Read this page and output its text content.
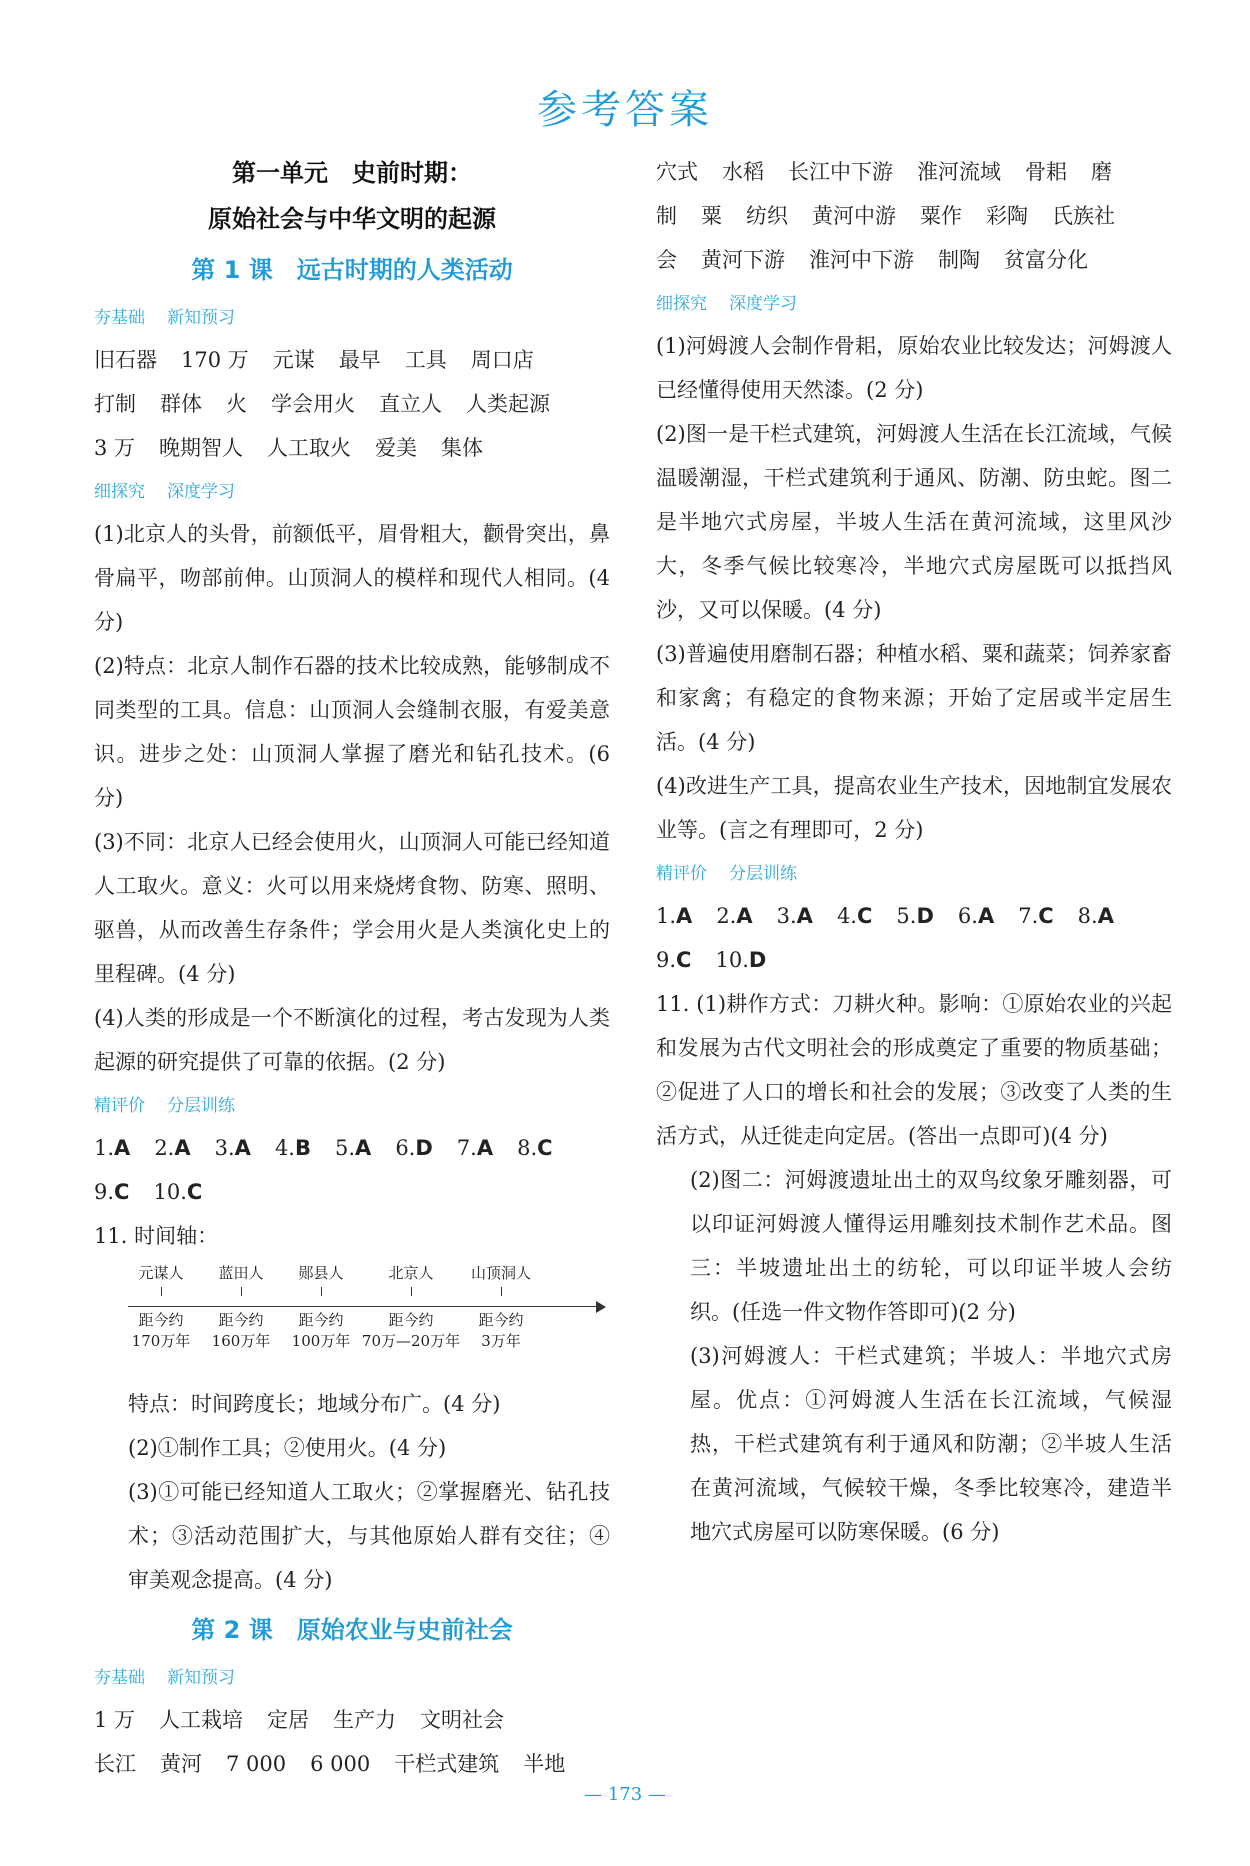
参考答案
第一单元　史前时期：
原始社会与中华文明的起源
第 1 课　远古时期的人类活动
夯基础 新知预习
旧石器 170 万 元谋 最早 工具 周口店
打制 群体 火 学会用火 直立人 人类起源
3 万 晚期智人 人工取火 爱美 集体
细探究 深度学习

(1)北京人的头骨，前额低平，眉骨粗大，颧骨突出，鼻骨扁平，吻部前伸。山顶洞人的模样和现代人相同。(4 分)

(2)特点：北京人制作石器的技术比较成熟，能够制成不同类型的工具。信息：山顶洞人会缝制衣服，有爱美意识。进步之处：山顶洞人掌握了磨光和钻孔技术。(6 分)

(3)不同：北京人已经会使用火，山顶洞人可能已经知道人工取火。意义：火可以用来烧烤食物、防寒、照明、驱兽，从而改善生存条件；学会用火是人类演化史上的里程碑。(4 分)

(4)人类的形成是一个不断演化的过程，考古发现为人类起源的研究提供了可靠的依据。(2 分)

精评价 分层训练
1.A 2.A 3.A 4.B 5.A 6.D 7.A 8.C
9.C 10.C
11. 时间轴：
元谋人
距今约
170万年
蓝田人
距今约
160万年
郧县人
距今约
100万年
北京人
距今约
70万—20万年
山顶洞人
距今约
3万年

特点：时间跨度长；地域分布广。(4 分)

(2)①制作工具；②使用火。(4 分)

(3)①可能已经知道人工取火；②掌握磨光、钻孔技术；③活动范围扩大，与其他原始人群有交往；④审美观念提高。(4 分)

第 2 课　原始农业与史前社会
夯基础 新知预习
1 万 人工栽培 定居 生产力 文明社会
长江 黄河 7 000 6 000 干栏式建筑 半地
穴式 水稻 长江中下游 淮河流域 骨耜 磨
制 粟 纺织 黄河中游 粟作 彩陶 氏族社
会 黄河下游 淮河中下游 制陶 贫富分化
细探究 深度学习

(1)河姆渡人会制作骨耜，原始农业比较发达；河姆渡人已经懂得使用天然漆。(2 分)

(2)图一是干栏式建筑，河姆渡人生活在长江流域，气候温暖潮湿，干栏式建筑利于通风、防潮、防虫蛇。图二是半地穴式房屋，半坡人生活在黄河流域，这里风沙大，冬季气候比较寒冷，半地穴式房屋既可以抵挡风沙，又可以保暖。(4 分)

(3)普遍使用磨制石器；种植水稻、粟和蔬菜；饲养家畜和家禽；有稳定的食物来源；开始了定居或半定居生活。(4 分)

(4)改进生产工具，提高农业生产技术，因地制宜发展农业等。(言之有理即可，2 分)

精评价 分层训练
1.A 2.A 3.A 4.C 5.D 6.A 7.C 8.A
9.C 10.D

11. (1)耕作方式：刀耕火种。影响：①原始农业的兴起和发展为古代文明社会的形成奠定了重要的物质基础；②促进了人口的增长和社会的发展；③改变了人类的生活方式，从迁徙走向定居。(答出一点即可)(4 分)

(2)图二：河姆渡遗址出土的双鸟纹象牙雕刻器，可以印证河姆渡人懂得运用雕刻技术制作艺术品。图三：半坡遗址出土的纺轮，可以印证半坡人会纺织。(任选一件文物作答即可)(2 分)

(3)河姆渡人：干栏式建筑；半坡人：半地穴式房屋。优点：①河姆渡人生活在长江流域，气候湿热，干栏式建筑有利于通风和防潮；②半坡人生活在黄河流域，气候较干燥，冬季比较寒冷，建造半地穴式房屋可以防寒保暖。(6 分)

— 173 —
